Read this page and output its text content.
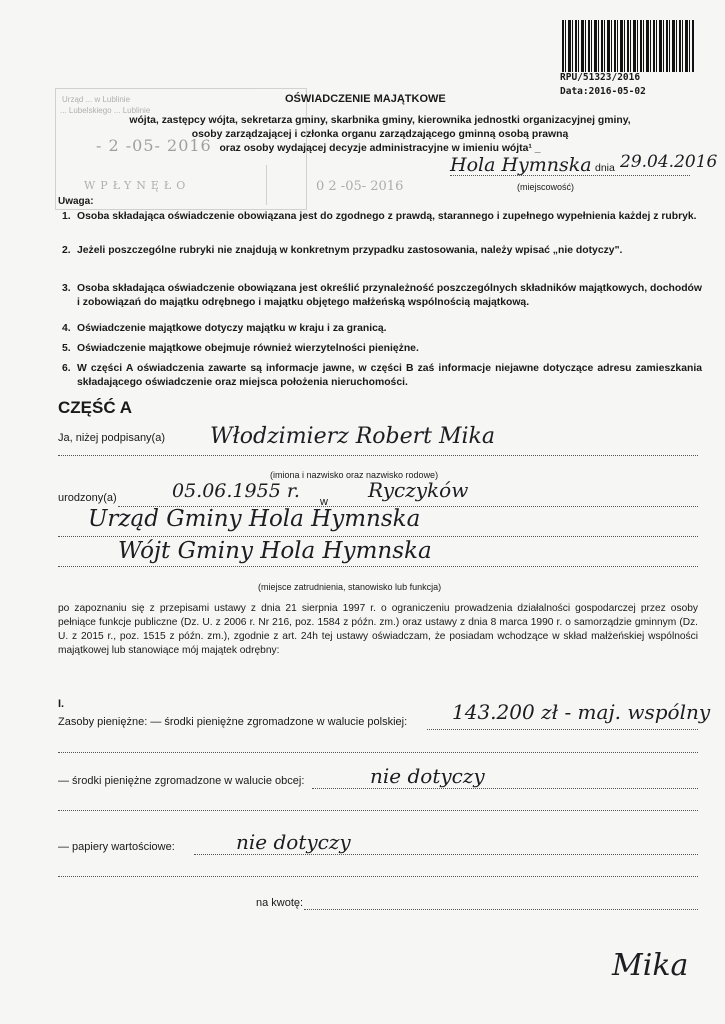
RPU/51323/2016
Data:2016-05-02
Urząd ... w Lublinie
... Lubelskiego ... Lublinie
- 2 -05- 2016
WPŁYNĘŁO	0 2 -05- 2016
OŚWIADCZENIE MAJĄTKOWE
wójta, zastępcy wójta, sekretarza gminy, skarbnika gminy, kierownika jednostki organizacyjnej gminy,
osoby zarządzającej i członka organu zarządzającego gminną osobą prawną
oraz osoby wydającej decyzje administracyjne w imieniu wójta¹ _
Hola Hymnska dnia 29.04.2016
(miejscowość)
Uwaga:
1. Osoba składająca oświadczenie obowiązana jest do zgodnego z prawdą, starannego i zupełnego wypełnienia każdej z rubryk.
2. Jeżeli poszczególne rubryki nie znajdują w konkretnym przypadku zastosowania, należy wpisać „nie dotyczy".
3. Osoba składająca oświadczenie obowiązana jest określić przynależność poszczególnych składników majątkowych, dochodów i zobowiązań do majątku odrębnego i majątku objętego małżeńską wspólnością majątkową.
4. Oświadczenie majątkowe dotyczy majątku w kraju i za granicą.
5. Oświadczenie majątkowe obejmuje również wierzytelności pieniężne.
6. W części A oświadczenia zawarte są informacje jawne, w części B zaś informacje niejawne dotyczące adresu zamieszkania składającego oświadczenie oraz miejsca położenia nieruchomości.
CZĘŚĆ A
Ja, niżej podpisany(a) Włodzimierz Robert Mika
(imiona i nazwisko oraz nazwisko rodowe)
urodzony(a)	05.06.1955 r. w Ryczyków
Urząd Gminy Hola Hymnska
Wójt Gminy Hola Hymnska
(miejsce zatrudnienia, stanowisko lub funkcja)
po zapoznaniu się z przepisami ustawy z dnia 21 sierpnia 1997 r. o ograniczeniu prowadzenia działalności gospodarczej przez osoby pełniące funkcje publiczne (Dz. U. z 2006 r. Nr 216, poz. 1584 z późn. zm.) oraz ustawy z dnia 8 marca 1990 r. o samorządzie gminnym (Dz. U. z 2015 r., poz. 1515 z późn. zm.), zgodnie z art. 24h tej ustawy oświadczam, że posiadam wchodzące w skład małżeńskiej wspólności majątkowej lub stanowiące mój majątek odrębny:
I.
Zasoby pieniężne: — środki pieniężne zgromadzone w walucie polskiej: 143.200 zł - maj. wspólny
— środki pieniężne zgromadzone w walucie obcej:	nie dotyczy
— papiery wartościowe:	nie dotyczy
na kwotę:
Mika
